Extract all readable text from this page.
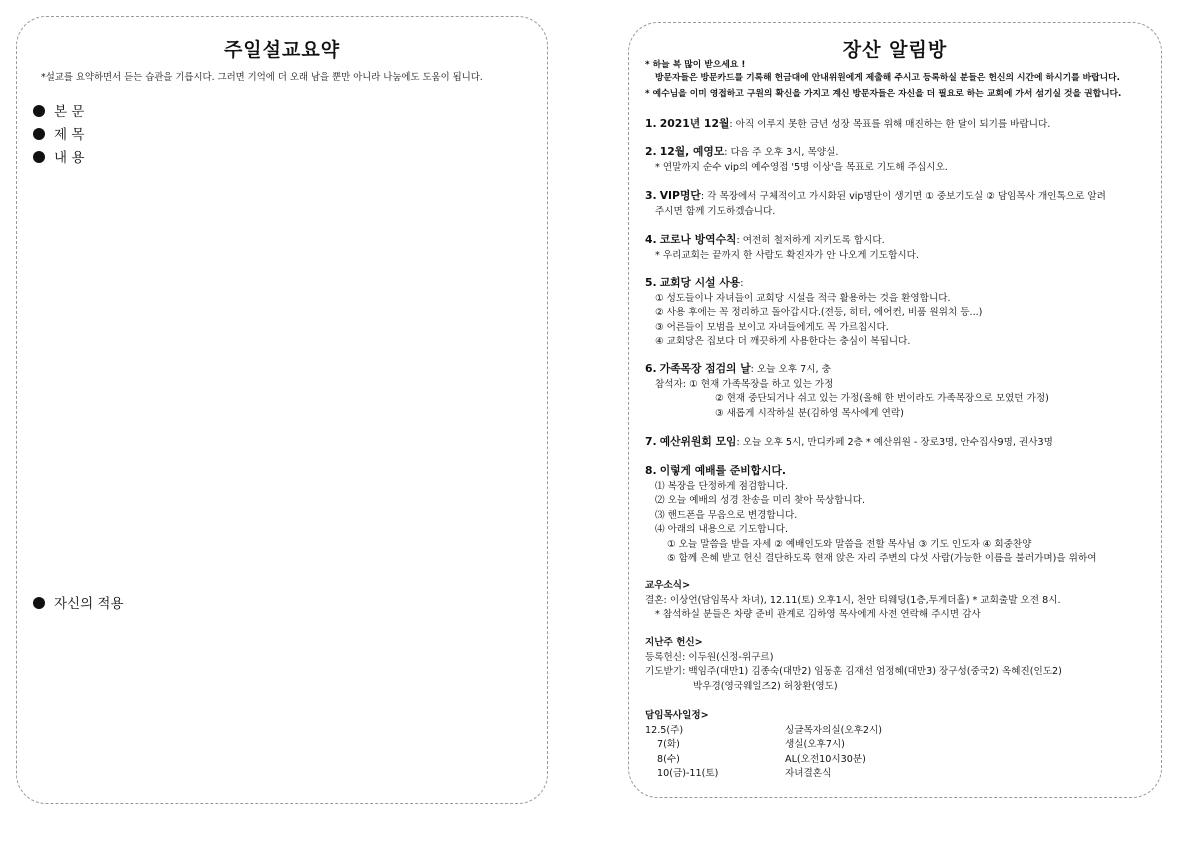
주일설교요약
*설교를 요약하면서 듣는 습관을 기릅시다. 그러면 기억에 더 오래 남을 뿐만 아니라 나눔에도 도움이 됩니다.
본 문
제 목
내 용
자신의 적용
장산 알림방
* 하늘 복 많이 받으세요 !
방문자들은 방문카드를 기록해 헌금대에 안내위원에게 제출해 주시고 등록하실 분들은 헌신의 시간에 하시기를 바랍니다.
* 예수님을 이미 영접하고 구원의 확신을 가지고 계신 방문자들은 자신을 더 필요로 하는 교회에 가서 섬기실 것을 권합니다.
1. 2021년 12월: 아직 이루지 못한 금년 성장 목표를 위해 매진하는 한 달이 되기를 바랍니다.
2. 12월, 예영모: 다음 주 오후 3시, 목양실.
* 연말까지 순수 vip의 예수영접 '5명 이상'을 목표로 기도해 주십시오.
3. VIP명단: 각 목장에서 구체적이고 가시화된 vip명단이 생기면 ① 중보기도실 ② 담임목사 개인톡으로 알려
주시면 함께 기도하겠습니다.
4. 코로나 방역수칙: 여전히 철저하게 지키도록 합시다.
* 우리교회는 끝까지 한 사람도 확진자가 안 나오게 기도합시다.
5. 교회당 시설 사용:
① 성도들이나 자녀들이 교회당 시설을 적극 활용하는 것을 환영합니다.
② 사용 후에는 꼭 정리하고 돌아갑시다.(전등, 히터, 에어컨, 비품 원위치 등...)
③ 어른들이 모범을 보이고 자녀들에게도 꼭 가르칩시다.
④ 교회당은 집보다 더 깨끗하게 사용한다는 충심이 복됩니다.
6. 가족목장 점검의 날: 오늘 오후 7시, 충
참석자: ① 현재 가족목장을 하고 있는 가정
② 현재 중단되거나 쉬고 있는 가정(올해 한 번이라도 가족목장으로 모였던 가정)
③ 새롭게 시작하실 분(김하영 목사에게 연락)
7. 예산위원회 모임: 오늘 오후 5시, 만디카페 2층 * 예산위원 - 장로3명, 안수집사9명, 권사3명
8. 이렇게 예배를 준비합시다.
⑴ 복장을 단정하게 점검합니다.
⑵ 오늘 예배의 성경 찬송을 미리 찾아 묵상합니다.
⑶ 핸드폰을 무음으로 변경합니다.
⑷ 아래의 내용으로 기도합니다.
① 오늘 말씀을 받을 자세 ② 예배인도와 말씀을 전할 목사님 ③ 기도 인도자 ④ 회중찬양
⑤ 함께 은혜 받고 헌신 결단하도록 현재 앉은 자리 주변의 다섯 사람(가능한 이름을 불러가며)을 위하여
교우소식>
결혼: 이상언(담임목사 차녀), 12.11(토) 오후1시, 천안 티웨딩(1층,투게더홀) * 교회출발 오전 8시.
* 참석하실 분들은 차량 준비 관계로 김하영 목사에게 사전 연락해 주시면 감사
지난주 헌신>
등록헌신: 이두원(신정-위구르)
기도받기: 백임주(대만1) 김종숙(대만2) 임동훈 김재선 엄정혜(대만3) 장구성(중국2) 옥혜진(인도2)
박우경(영국웨일즈2) 허창환(영도)
담임목사일정>
12.5(주)	싱글목자의실(오후2시)
7(화)	생실(오후7시)
8(수)	AL(오전10시30분)
10(금)-11(토)	자녀결혼식
